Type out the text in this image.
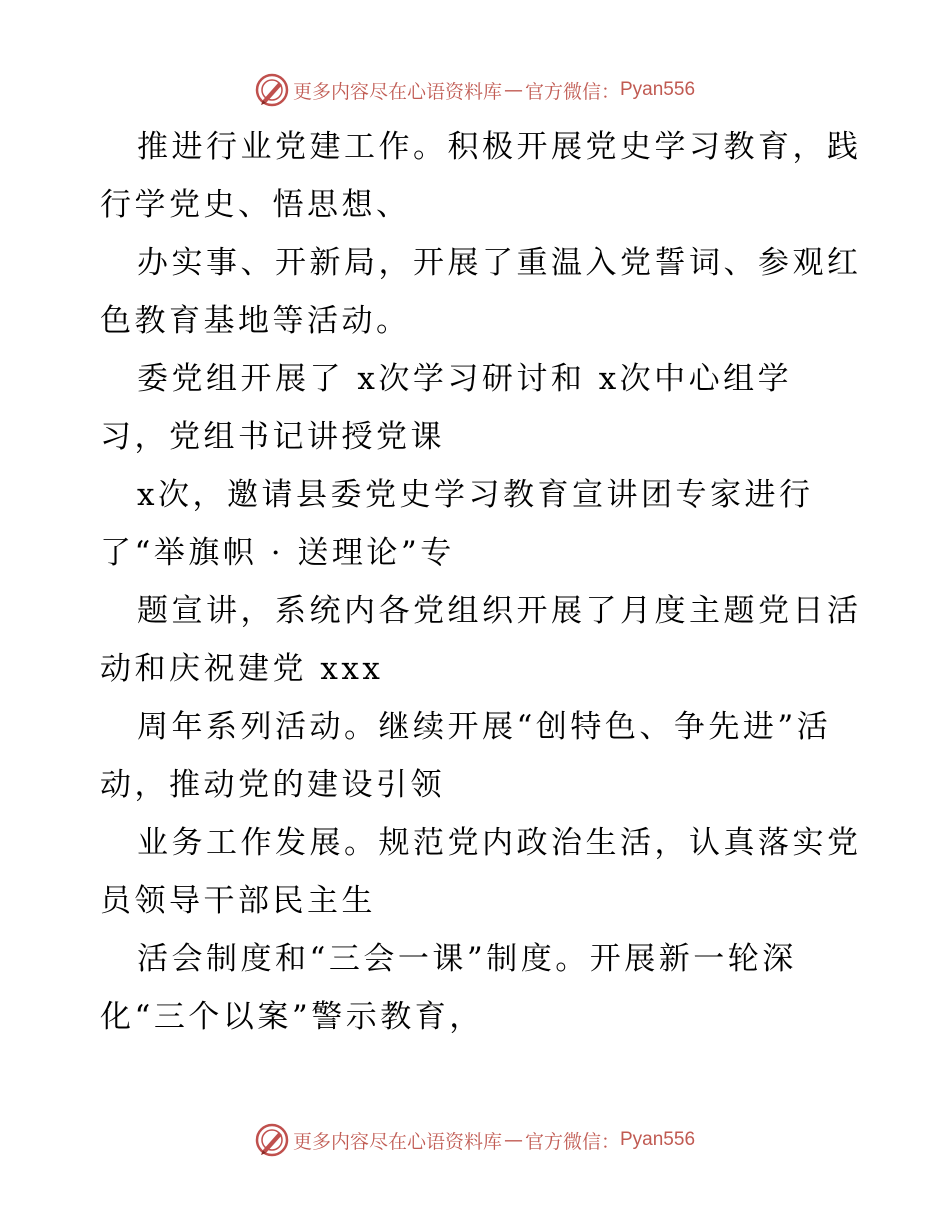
更多内容尽在心语资料库 — 官方微信： Pyan556
推进行业党建工作。积极开展党史学习教育，践
行学党史、悟思想、
办实事、开新局，开展了重温入党誓词、参观红
色教育基地等活动。
委党组开展了 x次学习研讨和 x次中心组学
习，党组书记讲授党课
x次，邀请县委党史学习教育宣讲团专家进行
了“举旗帜 · 送理论”专
题宣讲，系统内各党组织开展了月度主题党日活
动和庆祝建党 xxx
周年系列活动。继续开展“创特色、争先进”活
动，推动党的建设引领
业务工作发展。规范党内政治生活，认真落实党
员领导干部民主生
活会制度和“三会一课”制度。开展新一轮深
化“三个以案”警示教育，
更多内容尽在心语资料库 — 官方微信： Pyan556
